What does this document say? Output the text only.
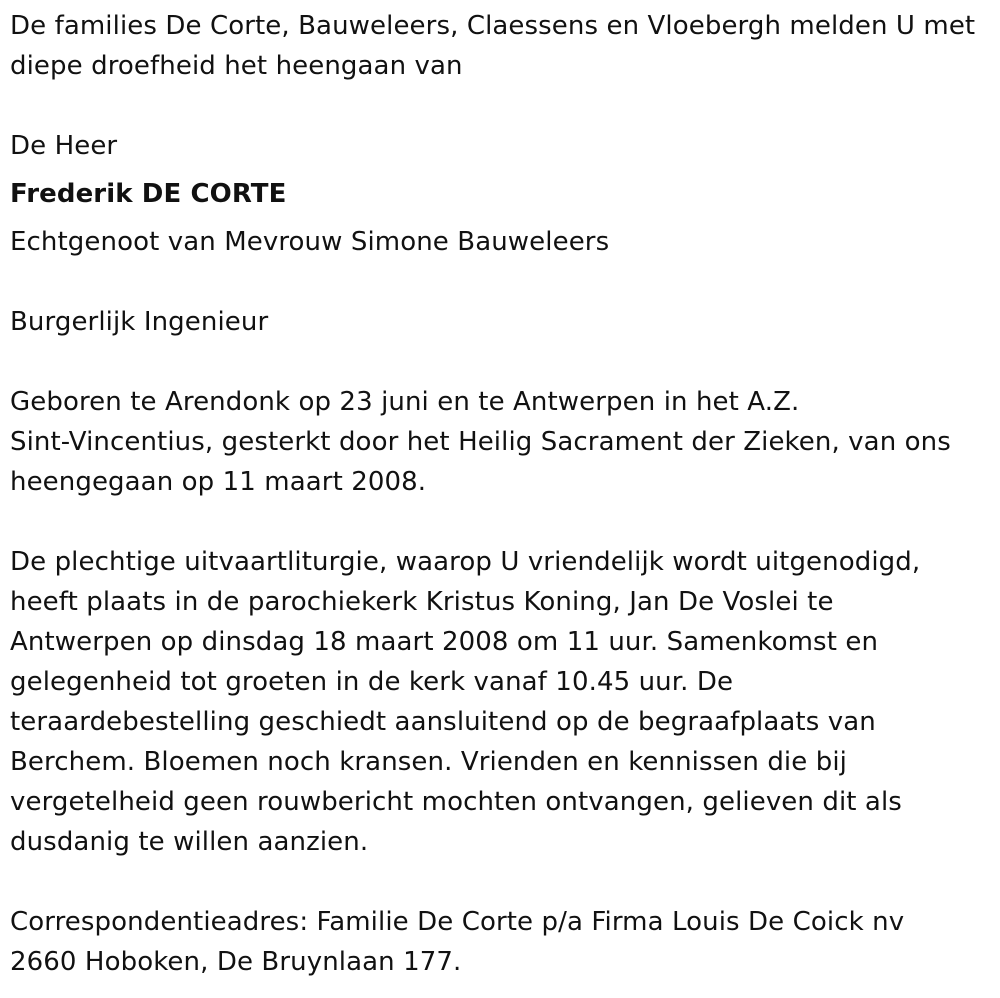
De families De Corte, Bauweleers, Claessens en Vloebergh melden U met
diepe droefheid het heengaan van

De Heer

Frederik DE CORTE

Echtgenoot van Mevrouw Simone Bauweleers

Burgerlijk Ingenieur

Geboren te Arendonk op 23 juni en te Antwerpen in het A.Z.
Sint-Vincentius, gesterkt door het Heilig Sacrament der Zieken, van ons
heengegaan op 11 maart 2008.

De plechtige uitvaartliturgie, waarop U vriendelijk wordt uitgenodigd,
heeft plaats in de parochiekerk Kristus Koning, Jan De Voslei te
Antwerpen op dinsdag 18 maart 2008 om 11 uur. Samenkomst en
gelegenheid tot groeten in de kerk vanaf 10.45 uur. De
teraardebestelling geschiedt aansluitend op de begraafplaats van
Berchem. Bloemen noch kransen. Vrienden en kennissen die bij
vergetelheid geen rouwbericht mochten ontvangen, gelieven dit als
dusdanig te willen aanzien.

Correspondentieadres: Familie De Corte p/a Firma Louis De Coick nv
2660 Hoboken, De Bruynlaan 177.
